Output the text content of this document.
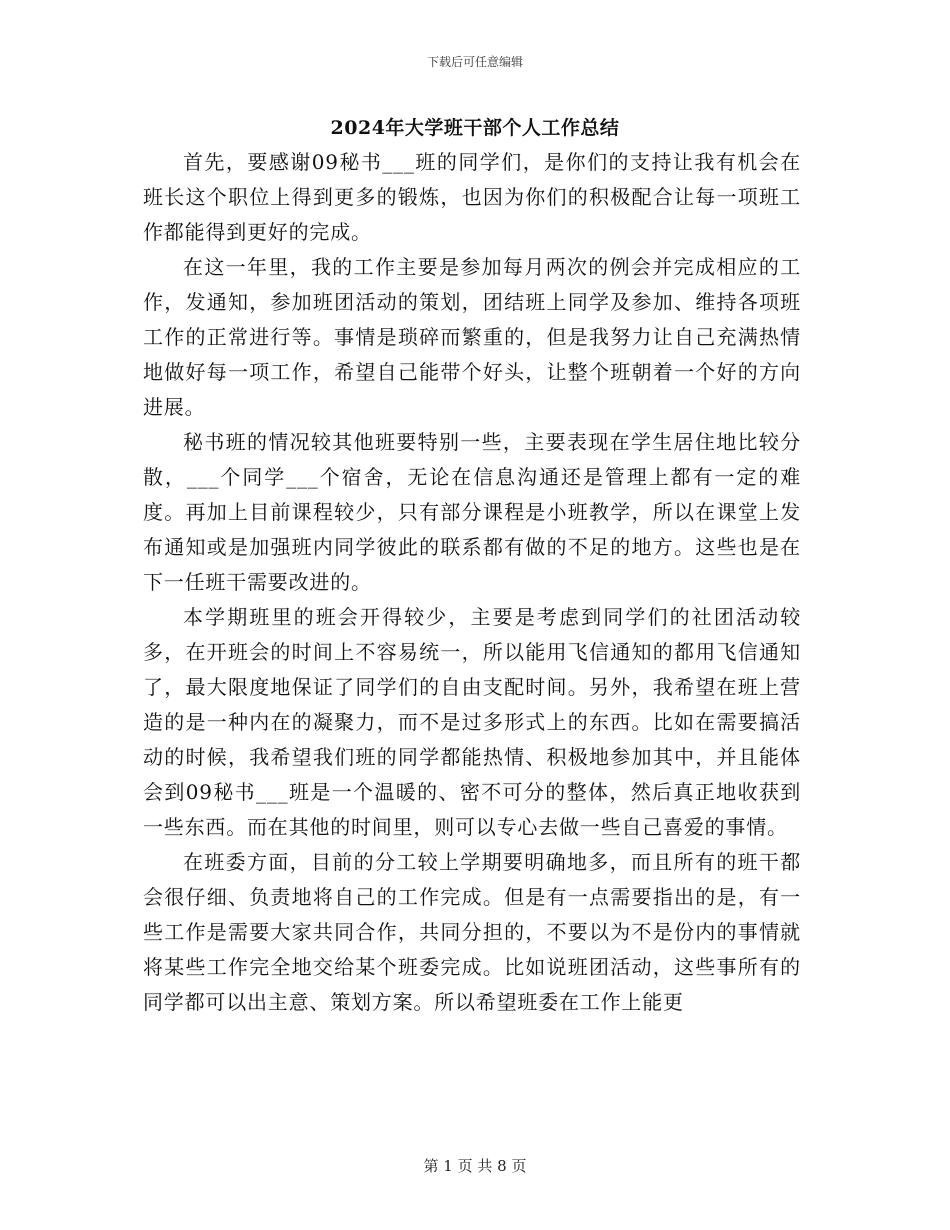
下载后可任意编辑
2024年大学班干部个人工作总结

首先，要感谢09秘书___班的同学们，是你们的支持让我有机会在班长这个职位上得到更多的锻炼，也因为你们的积极配合让每一项班工作都能得到更好的完成。

在这一年里，我的工作主要是参加每月两次的例会并完成相应的工作，发通知，参加班团活动的策划，团结班上同学及参加、维持各项班工作的正常进行等。事情是琐碎而繁重的，但是我努力让自己充满热情地做好每一项工作，希望自己能带个好头，让整个班朝着一个好的方向进展。

秘书班的情况较其他班要特别一些，主要表现在学生居住地比较分散，___个同学___个宿舍，无论在信息沟通还是管理上都有一定的难度。再加上目前课程较少，只有部分课程是小班教学，所以在课堂上发布通知或是加强班内同学彼此的联系都有做的不足的地方。这些也是在下一任班干需要改进的。

本学期班里的班会开得较少，主要是考虑到同学们的社团活动较多，在开班会的时间上不容易统一，所以能用飞信通知的都用飞信通知了，最大限度地保证了同学们的自由支配时间。另外，我希望在班上营造的是一种内在的凝聚力，而不是过多形式上的东西。比如在需要搞活动的时候，我希望我们班的同学都能热情、积极地参加其中，并且能体会到09秘书___班是一个温暖的、密不可分的整体，然后真正地收获到一些东西。而在其他的时间里，则可以专心去做一些自己喜爱的事情。

在班委方面，目前的分工较上学期要明确地多，而且所有的班干都会很仔细、负责地将自己的工作完成。但是有一点需要指出的是，有一些工作是需要大家共同合作，共同分担的，不要以为不是份内的事情就将某些工作完全地交给某个班委完成。比如说班团活动，这些事所有的同学都可以出主意、策划方案。所以希望班委在工作上能更

第 1 页 共 8 页
